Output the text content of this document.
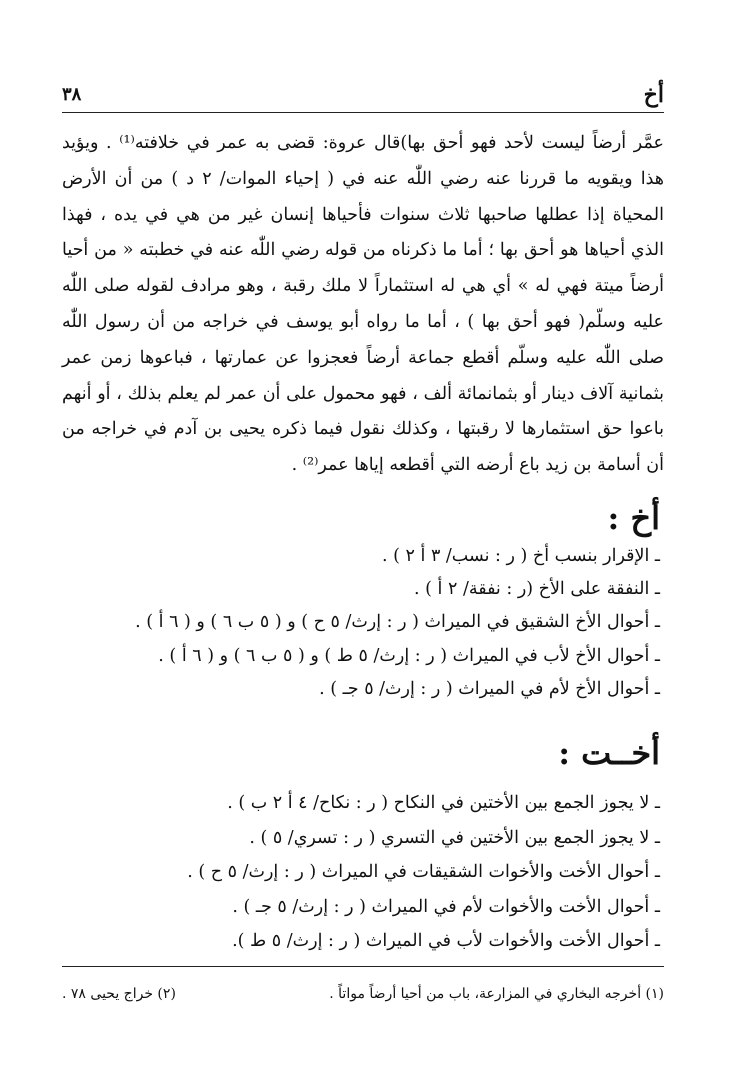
أخ
٣٨

عمَّر أرضاً ليست لأحد فهو أحق بها)قال عروة: قضى به عمر في خلافته⁽¹⁾ . ويؤيد هذا ويقويه ما قررنا عنه رضي اللّٰه عنه في ( إحياء الموات/ ٢ د ) من أن الأرض المحياة إذا عطلها صاحبها ثلاث سنوات فأحياها إنسان غير من هي في يده ، فهذا الذي أحياها هو أحق بها ؛ أما ما ذكرناه من قوله رضي اللّٰه عنه في خطبته « من أحيا أرضاً ميتة فهي له » أي هي له استثماراً لا ملك رقبة ، وهو مرادف لقوله صلى اللّٰه عليه وسلّم( فهو أحق بها ) ، أما ما رواه أبو يوسف في خراجه من أن رسول اللّٰه صلى اللّٰه عليه وسلّم أقطع جماعة أرضاً فعجزوا عن عمارتها ، فباعوها زمن عمر بثمانية آلاف دينار أو بثمانمائة ألف ، فهو محمول على أن عمر لم يعلم بذلك ، أو أنهم باعوا حق استثمارها لا رقبتها ، وكذلك نقول فيما ذكره يحيى بن آدم في خراجه من أن أسامة بن زيد باع أرضه التي أقطعه إياها عمر⁽²⁾ .

أخ :
ـ الإقرار بنسب أخ ( ر : نسب/ ٣ أ ٢ ) .
ـ النفقة على الأخ (ر : نفقة/ ٢ أ ) .
ـ أحوال الأخ الشقيق في الميراث ( ر : إرث/ ٥ ح ) و ( ٥ ب ٦ ) و ( ٦ أ ) .
ـ أحوال الأخ لأب في الميراث ( ر : إرث/ ٥ ط ) و ( ٥ ب ٦ ) و ( ٦ أ ) .
ـ أحوال الأخ لأم في الميراث ( ر : إرث/ ٥ جـ ) .
أخــت :
ـ لا يجوز الجمع بين الأختين في النكاح ( ر : نكاح/ ٤ أ ٢ ب ) .
ـ لا يجوز الجمع بين الأختين في التسري ( ر : تسري/ ٥ ) .
ـ أحوال الأخت والأخوات الشقيقات في الميراث ( ر : إرث/ ٥ ح ) .
ـ أحوال الأخت والأخوات لأم في الميراث ( ر : إرث/ ٥ جـ ) .
ـ أحوال الأخت والأخوات لأب في الميراث ( ر : إرث/ ٥ ط ).
(١) أخرجه البخاري في المزارعة، باب من أحيا أرضاً مواتاً .
(٢) خراج يحيى ٧٨ .
